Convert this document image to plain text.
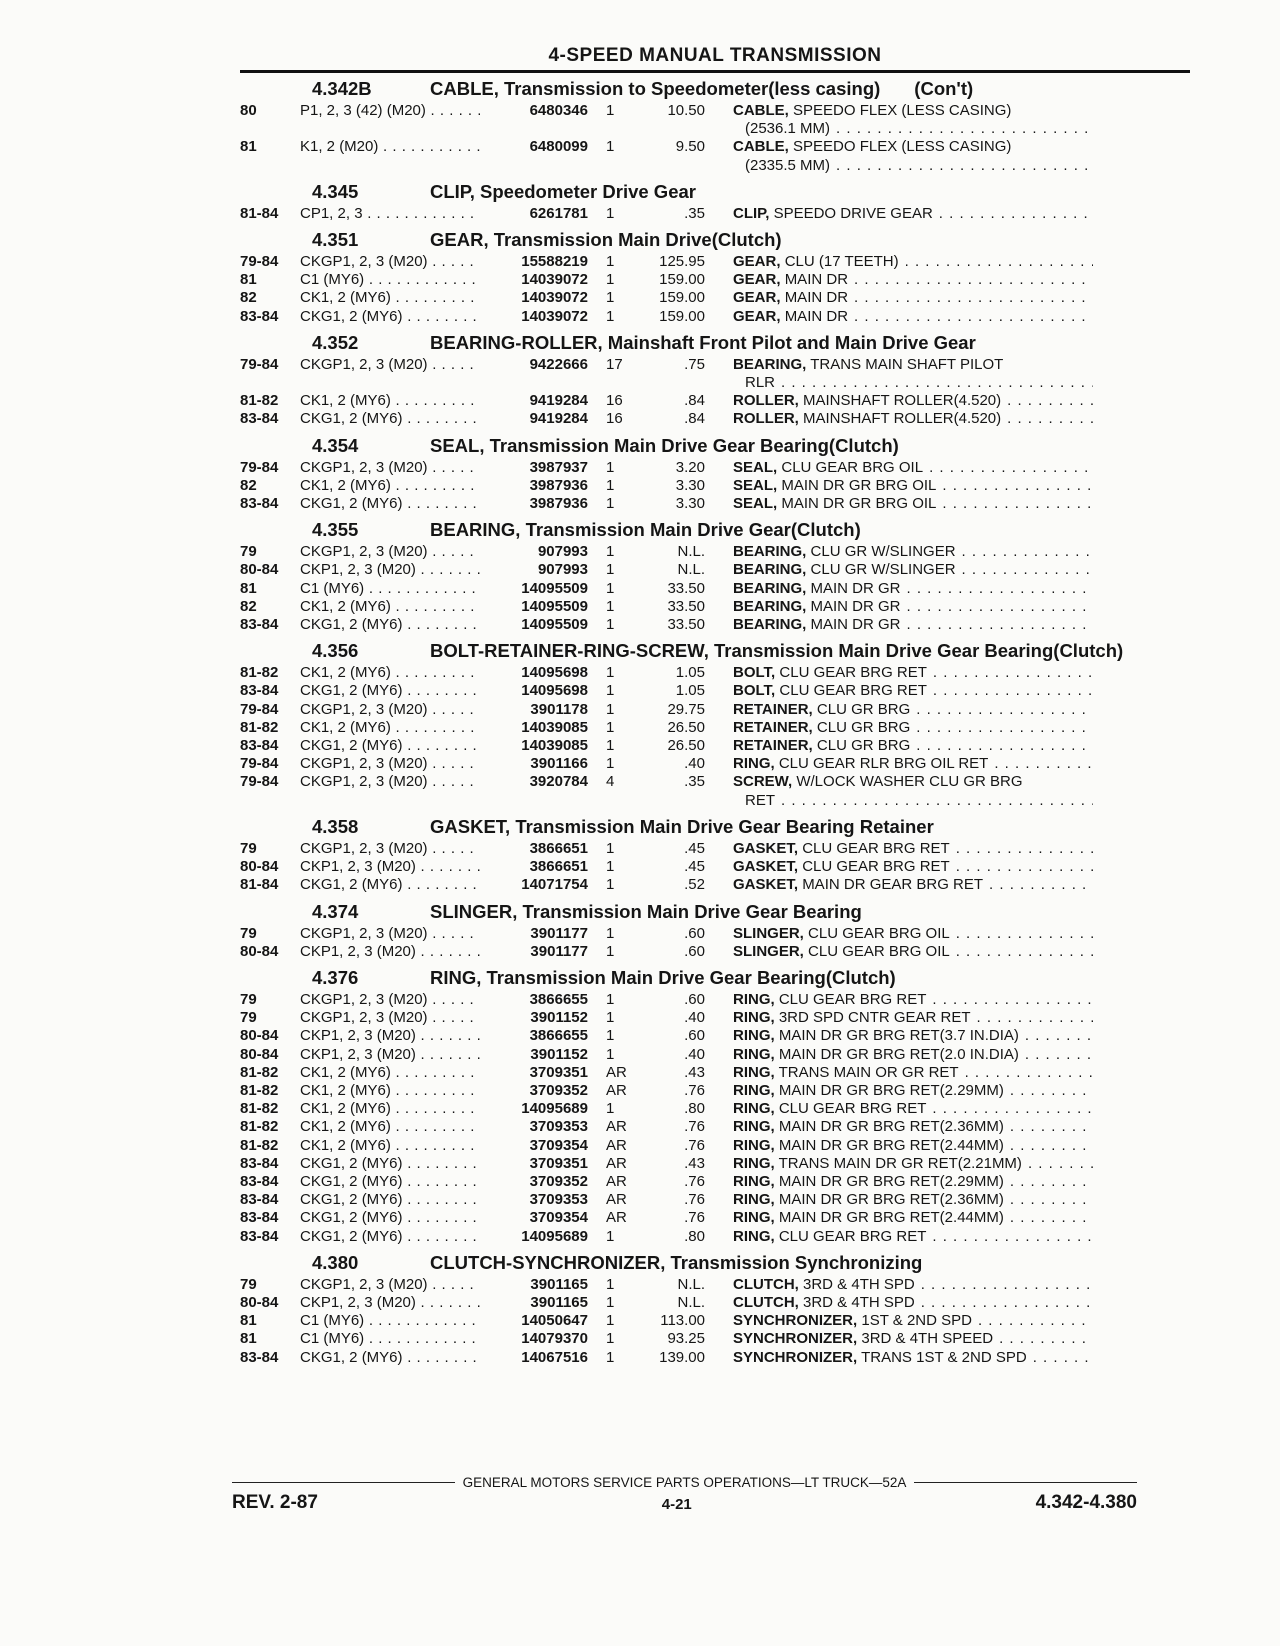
4-SPEED MANUAL TRANSMISSION
4.342B	CABLE, Transmission to Speedometer(less casing) (Con't)
80	P1, 2, 3 (42) (M20) . . .	6480346	1	10.50 CABLE, SPEEDO FLEX (LESS CASING)
(2536.1 MM)
. . .
81	K1, 2 (M20) . . .	6480099	1	9.50 CABLE, SPEEDO FLEX (LESS CASING)
(2335.5 MM)
. . .
4.345	CLIP, Speedometer Drive Gear
81-84	CP1, 2, 3 . . .	6261781	1	.35 CLIP, SPEEDO DRIVE GEAR
. . .
4.351	GEAR, Transmission Main Drive(Clutch)
79-84	CKGP1, 2, 3 (M20) . . .	15588219	1	125.95 GEAR, CLU (17 TEETH)
. . .
81	C1 (MY6) . . .	14039072	1	159.00 GEAR, MAIN DR
. . .
82	CK1, 2 (MY6) . . .	14039072	1	159.00 GEAR, MAIN DR
. . .
83-84	CKG1, 2 (MY6) . . .	14039072	1	159.00 GEAR, MAIN DR
. . .
4.352	BEARING-ROLLER, Mainshaft Front Pilot and Main Drive Gear
79-84	CKGP1, 2, 3 (M20) . . .	9422666	17	.75 BEARING, TRANS MAIN SHAFT PILOT
RLR
. . .
81-82	CK1, 2 (MY6) . . .	9419284	16	.84 ROLLER, MAINSHAFT ROLLER(4.520)
. . .
83-84	CKG1, 2 (MY6) . . .	9419284	16	.84 ROLLER, MAINSHAFT ROLLER(4.520)
. . .
4.354	SEAL, Transmission Main Drive Gear Bearing(Clutch)
79-84	CKGP1, 2, 3 (M20) . . .	3987937	1	3.20 SEAL, CLU GEAR BRG OIL
. . .
82	CK1, 2 (MY6) . . .	3987936	1	3.30 SEAL, MAIN DR GR BRG OIL
. . .
83-84	CKG1, 2 (MY6) . . .	3987936	1	3.30 SEAL, MAIN DR GR BRG OIL
. . .
4.355	BEARING, Transmission Main Drive Gear(Clutch)
79	CKGP1, 2, 3 (M20) . . .	907993	1	N.L. BEARING, CLU GR W/SLINGER
. . .
80-84	CKP1, 2, 3 (M20) . . .	907993	1	N.L. BEARING, CLU GR W/SLINGER
. . .
81	C1 (MY6) . . .	14095509	1	33.50 BEARING, MAIN DR GR
. . .
82	CK1, 2 (MY6) . . .	14095509	1	33.50 BEARING, MAIN DR GR
. . .
83-84	CKG1, 2 (MY6) . . .	14095509	1	33.50 BEARING, MAIN DR GR
. . .
4.356	BOLT-RETAINER-RING-SCREW, Transmission Main Drive Gear Bearing(Clutch)
81-82	CK1, 2 (MY6) . . .	14095698	1	1.05 BOLT, CLU GEAR BRG RET
. . .
83-84	CKG1, 2 (MY6) . . .	14095698	1	1.05 BOLT, CLU GEAR BRG RET
. . .
79-84	CKGP1, 2, 3 (M20) . . .	3901178	1	29.75 RETAINER, CLU GR BRG
. . .
81-82	CK1, 2 (MY6) . . .	14039085	1	26.50 RETAINER, CLU GR BRG
. . .
83-84	CKG1, 2 (MY6) . . .	14039085	1	26.50 RETAINER, CLU GR BRG
. . .
79-84	CKGP1, 2, 3 (M20) . . .	3901166	1	.40 RING, CLU GEAR RLR BRG OIL RET
. . .
79-84	CKGP1, 2, 3 (M20) . . .	3920784	4	.35 SCREW, W/LOCK WASHER CLU GR BRG
RET
. . .
4.358	GASKET, Transmission Main Drive Gear Bearing Retainer
79	CKGP1, 2, 3 (M20) . . .	3866651	1	.45 GASKET, CLU GEAR BRG RET
. . .
80-84	CKP1, 2, 3 (M20) . . .	3866651	1	.45 GASKET, CLU GEAR BRG RET
. . .
81-84	CKG1, 2 (MY6) . . .	14071754	1	.52 GASKET, MAIN DR GEAR BRG RET
. . .
4.374	SLINGER, Transmission Main Drive Gear Bearing
79	CKGP1, 2, 3 (M20) . . .	3901177	1	.60 SLINGER, CLU GEAR BRG OIL
. . .
80-84	CKP1, 2, 3 (M20) . . .	3901177	1	.60 SLINGER, CLU GEAR BRG OIL
. . .
4.376	RING, Transmission Main Drive Gear Bearing(Clutch)
79	CKGP1, 2, 3 (M20) . . .	3866655	1	.60 RING, CLU GEAR BRG RET
. . .
79	CKGP1, 2, 3 (M20) . . .	3901152	1	.40 RING, 3RD SPD CNTR GEAR RET
. . .
80-84	CKP1, 2, 3 (M20) . . .	3866655	1	.60 RING, MAIN DR GR BRG RET(3.7 IN.DIA)
. . .
80-84	CKP1, 2, 3 (M20) . . .	3901152	1	.40 RING, MAIN DR GR BRG RET(2.0 IN.DIA)
. . .
81-82	CK1, 2 (MY6) . . .	3709351	AR	.43 RING, TRANS MAIN OR GR RET
. . .
81-82	CK1, 2 (MY6) . . .	3709352	AR	.76 RING, MAIN DR GR BRG RET(2.29MM)
. . .
81-82	CK1, 2 (MY6) . . .	14095689	1	.80 RING, CLU GEAR BRG RET
. . .
81-82	CK1, 2 (MY6) . . .	3709353	AR	.76 RING, MAIN DR GR BRG RET(2.36MM)
. . .
81-82	CK1, 2 (MY6) . . .	3709354	AR	.76 RING, MAIN DR GR BRG RET(2.44MM)
. . .
83-84	CKG1, 2 (MY6) . . .	3709351	AR	.43 RING, TRANS MAIN DR GR RET(2.21MM)
. . .
83-84	CKG1, 2 (MY6) . . .	3709352	AR	.76 RING, MAIN DR GR BRG RET(2.29MM)
. . .
83-84	CKG1, 2 (MY6) . . .	3709353	AR	.76 RING, MAIN DR GR BRG RET(2.36MM)
. . .
83-84	CKG1, 2 (MY6) . . .	3709354	AR	.76 RING, MAIN DR GR BRG RET(2.44MM)
. . .
83-84	CKG1, 2 (MY6) . . .	14095689	1	.80 RING, CLU GEAR BRG RET
. . .
4.380	CLUTCH-SYNCHRONIZER, Transmission Synchronizing
79	CKGP1, 2, 3 (M20) . . .	3901165	1	N.L. CLUTCH, 3RD & 4TH SPD
. . .
80-84	CKP1, 2, 3 (M20) . . .	3901165	1	N.L. CLUTCH, 3RD & 4TH SPD
. . .
81	C1 (MY6) . . .	14050647	1	113.00 SYNCHRONIZER, 1ST & 2ND SPD
. . .
81	C1 (MY6) . . .	14079370	1	93.25 SYNCHRONIZER, 3RD & 4TH SPEED
. . .
83-84	CKG1, 2 (MY6) . . .	14067516	1	139.00 SYNCHRONIZER, TRANS 1ST & 2ND SPD
. . .
GENERAL MOTORS SERVICE PARTS OPERATIONS—LT TRUCK—52A
REV. 2-87	4-21	4.342-4.380
